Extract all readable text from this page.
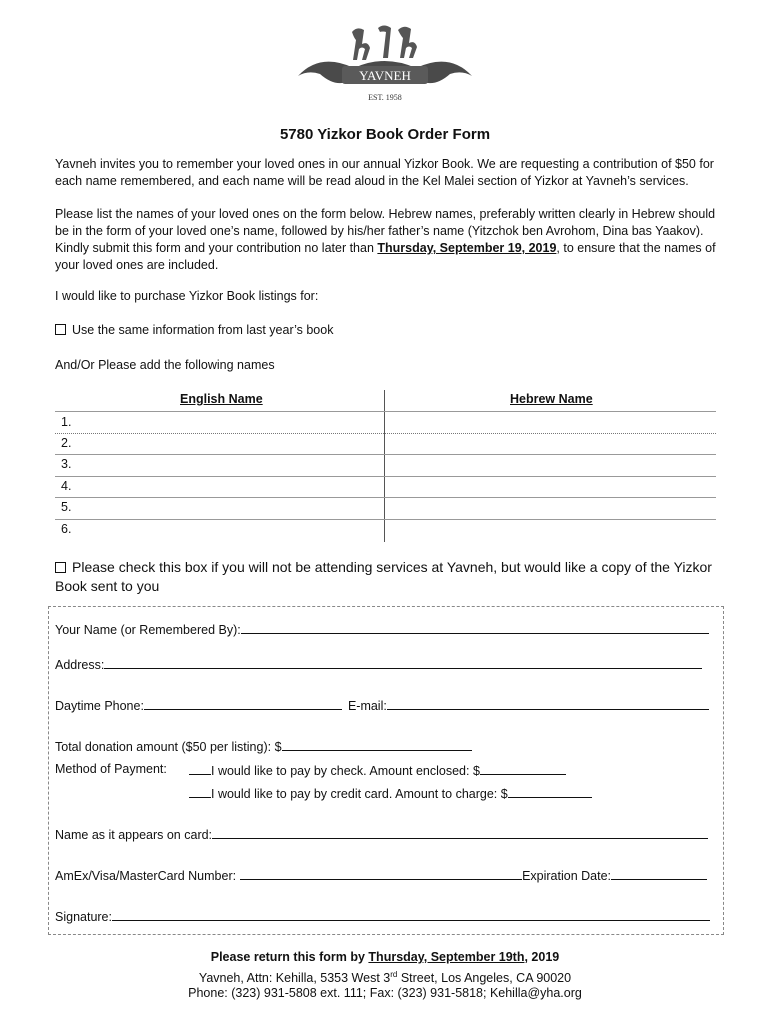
YAVNEH
EST. 1958
5780 Yizkor Book Order Form

Yavneh invites you to remember your loved ones in our annual Yizkor Book. We are requesting a contribution of $50 for each name remembered, and each name will be read aloud in the Kel Malei section of Yizkor at Yavneh’s services.

Please list the names of your loved ones on the form below. Hebrew names, preferably written clearly in Hebrew should be in the form of your loved one’s name, followed by his/her father’s name (Yitzchok ben Avrohom, Dina bas Yaakov). Kindly submit this form and your contribution no later than Thursday, September 19, 2019, to ensure that the names of your loved ones are included.

I would like to purchase Yizkor Book listings for:

Use the same information from last year’s book

And/Or Please add the following names

English Name	Hebrew Name
1.
2.
3.
4.
5.
6.

Please check this box if you will not be attending services at Yavneh, but would like a copy of the Yizkor Book sent to you

Your Name (or Remembered By):
Address:
Daytime Phone:	E-mail:
Total donation amount ($50 per listing): $
Method of Payment:	I would like to pay by check. Amount enclosed: $
I would like to pay by credit card. Amount to charge: $
Name as it appears on card:
AmEx/Visa/MasterCard Number:	Expiration Date:
Signature:
Please return this form by Thursday, September 19th, 2019
Yavneh, Attn: Kehilla, 5353 West 3rd Street, Los Angeles, CA 90020
Phone: (323) 931-5808 ext. 111; Fax: (323) 931-5818; Kehilla@yha.org
